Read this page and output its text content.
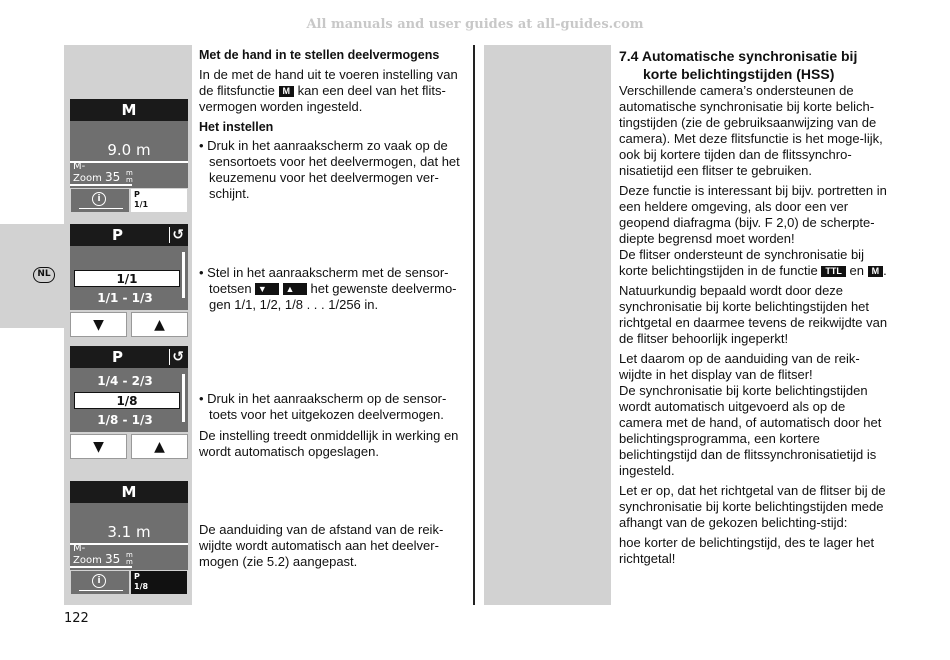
All manuals and user guides at all-guides.com
NL
M
9.0 m
M-
Zoom 35 m
m
i	P
1/1
P	↺
1/1
1/1 - 1/3
▼	▲
P	↺
1/4 - 2/3
1/8
1/8 - 1/3
▼	▲
M
3.1 m
M-
Zoom 35 m
m
i	P
1/8
Met de hand in te stellen deelvermogens
In de met de hand uit te voeren instelling van de flitsfunctie M kan een deel van het flits-vermogen worden ingesteld.
Het instellen
• Druk in het aanraakscherm zo vaak op de sensortoets voor het deelvermogen, dat het keuzemenu voor het deelvermogen ver-schijnt.
• Stel in het aanraakscherm met de sensor-toetsen ▼ ▲ het gewenste deelvermo-gen 1/1, 1/2, 1/8 . . . 1/256 in.
• Druk in het aanraakscherm op de sensor-toets voor het uitgekozen deelvermogen.
De instelling treedt onmiddellijk in werking en wordt automatisch opgeslagen.
De aanduiding van de afstand van de reik-wijdte wordt automatisch aan het deelver-mogen (zie 5.2) aangepast.
7.4 Automatische synchronisatie bij
korte belichtingstijden (HSS)
Verschillende camera’s ondersteunen de automatische synchronisatie bij korte belich-tingstijden (zie de gebruiksaanwijzing van de camera). Met deze flitsfunctie is het moge-lijk, ook bij kortere tijden dan de flitssynchro-nisatietijd een flitser te gebruiken.
Deze functie is interessant bij bijv. portretten in een heldere omgeving, als door een ver geopend diafragma (bijv. F 2,0) de scherpte-diepte begrensd moet worden!
De flitser ondersteunt de synchronisatie bij korte belichtingstijden in de functie TTL en M .
Natuurkundig bepaald wordt door deze synchronisatie bij korte belichtingstijden het richtgetal en daarmee tevens de reikwijdte van de flitser behoorlijk ingeperkt!
Let daarom op de aanduiding van de reik-wijdte in het display van de flitser!
De synchronisatie bij korte belichtingstijden wordt automatisch uitgevoerd als op de camera met de hand, of automatisch door het belichtingsprogramma, een kortere belichtingstijd dan de flitssynchronisatietijd is ingesteld.
Let er op, dat het richtgetal van de flitser bij de synchronisatie bij korte belichtingstijden mede afhangt van de gekozen belichting-stijd:
hoe korter de belichtingstijd, des te lager het richtgetal!
122
